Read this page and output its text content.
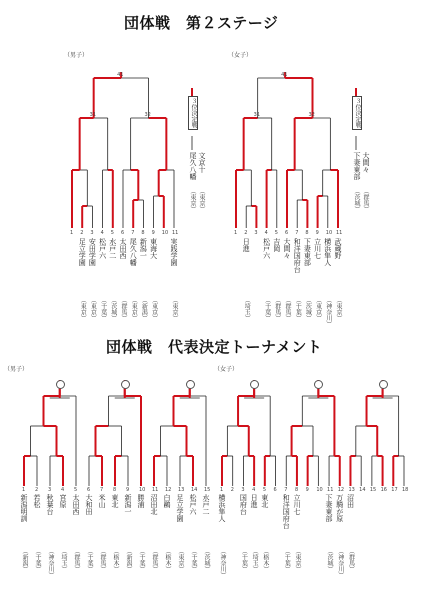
団体戦　第２ステージ
（男子）	（女子）
団体戦　代表決定トーナメント
（男子）	（女子）
1 2
足立学園
（東京）
3
安田学園
（東京）
4
松戸六
（千葉）
5
水戸二
（茨城）
6
太田西
（群馬）
7
尾久八幡
（東京）
8
新潟一
（新潟）
9
東海大
（東京）
10 11
実践学園
（東京）
41
31	32	３位決定戦
尾久八幡
（東京）
文京十
（東京）
1 2
日進
（埼玉）
3 4
松戸六
（千葉）
5
吉岡
（群馬）
6
大間々
（群馬）
7
和洋国府台
（千葉）
8
下妻東部
（茨城）
9
立川七
（東京）
10
横浜隼人
（神奈川）
11
武蔵野
（東京）
41
31	32	３位決定戦
下妻東部
（茨城）
大間々
（群馬）
1
新潟明訓
（新潟）
2
若松
（千葉）
3
秋葉台
（神奈川）
4
宮原
（埼玉）
5
太田西
（群馬）
6
大和田
（千葉）
7
米山
（群馬）
8
東北
（栃木）
9
新潟一
（新潟）
10
勝浦
（千葉）
11
沼田北
（群馬）
12
白鷗
（栃木）
13
足立学園
（東京）
14
松戸六
（千葉）
15
水戸二
（茨城）
1
横浜隼人
（神奈川）
2 3
国府台
（千葉）
4
日進
（埼玉）
5
東北
（栃木）
6 7
和洋国府台
（千葉）
8
立川七
（東京）
9 10 11
下妻東部
（茨城）
12
万騎が原
（神奈川）
13
沼田
（群馬）
14 15 16 17 18
